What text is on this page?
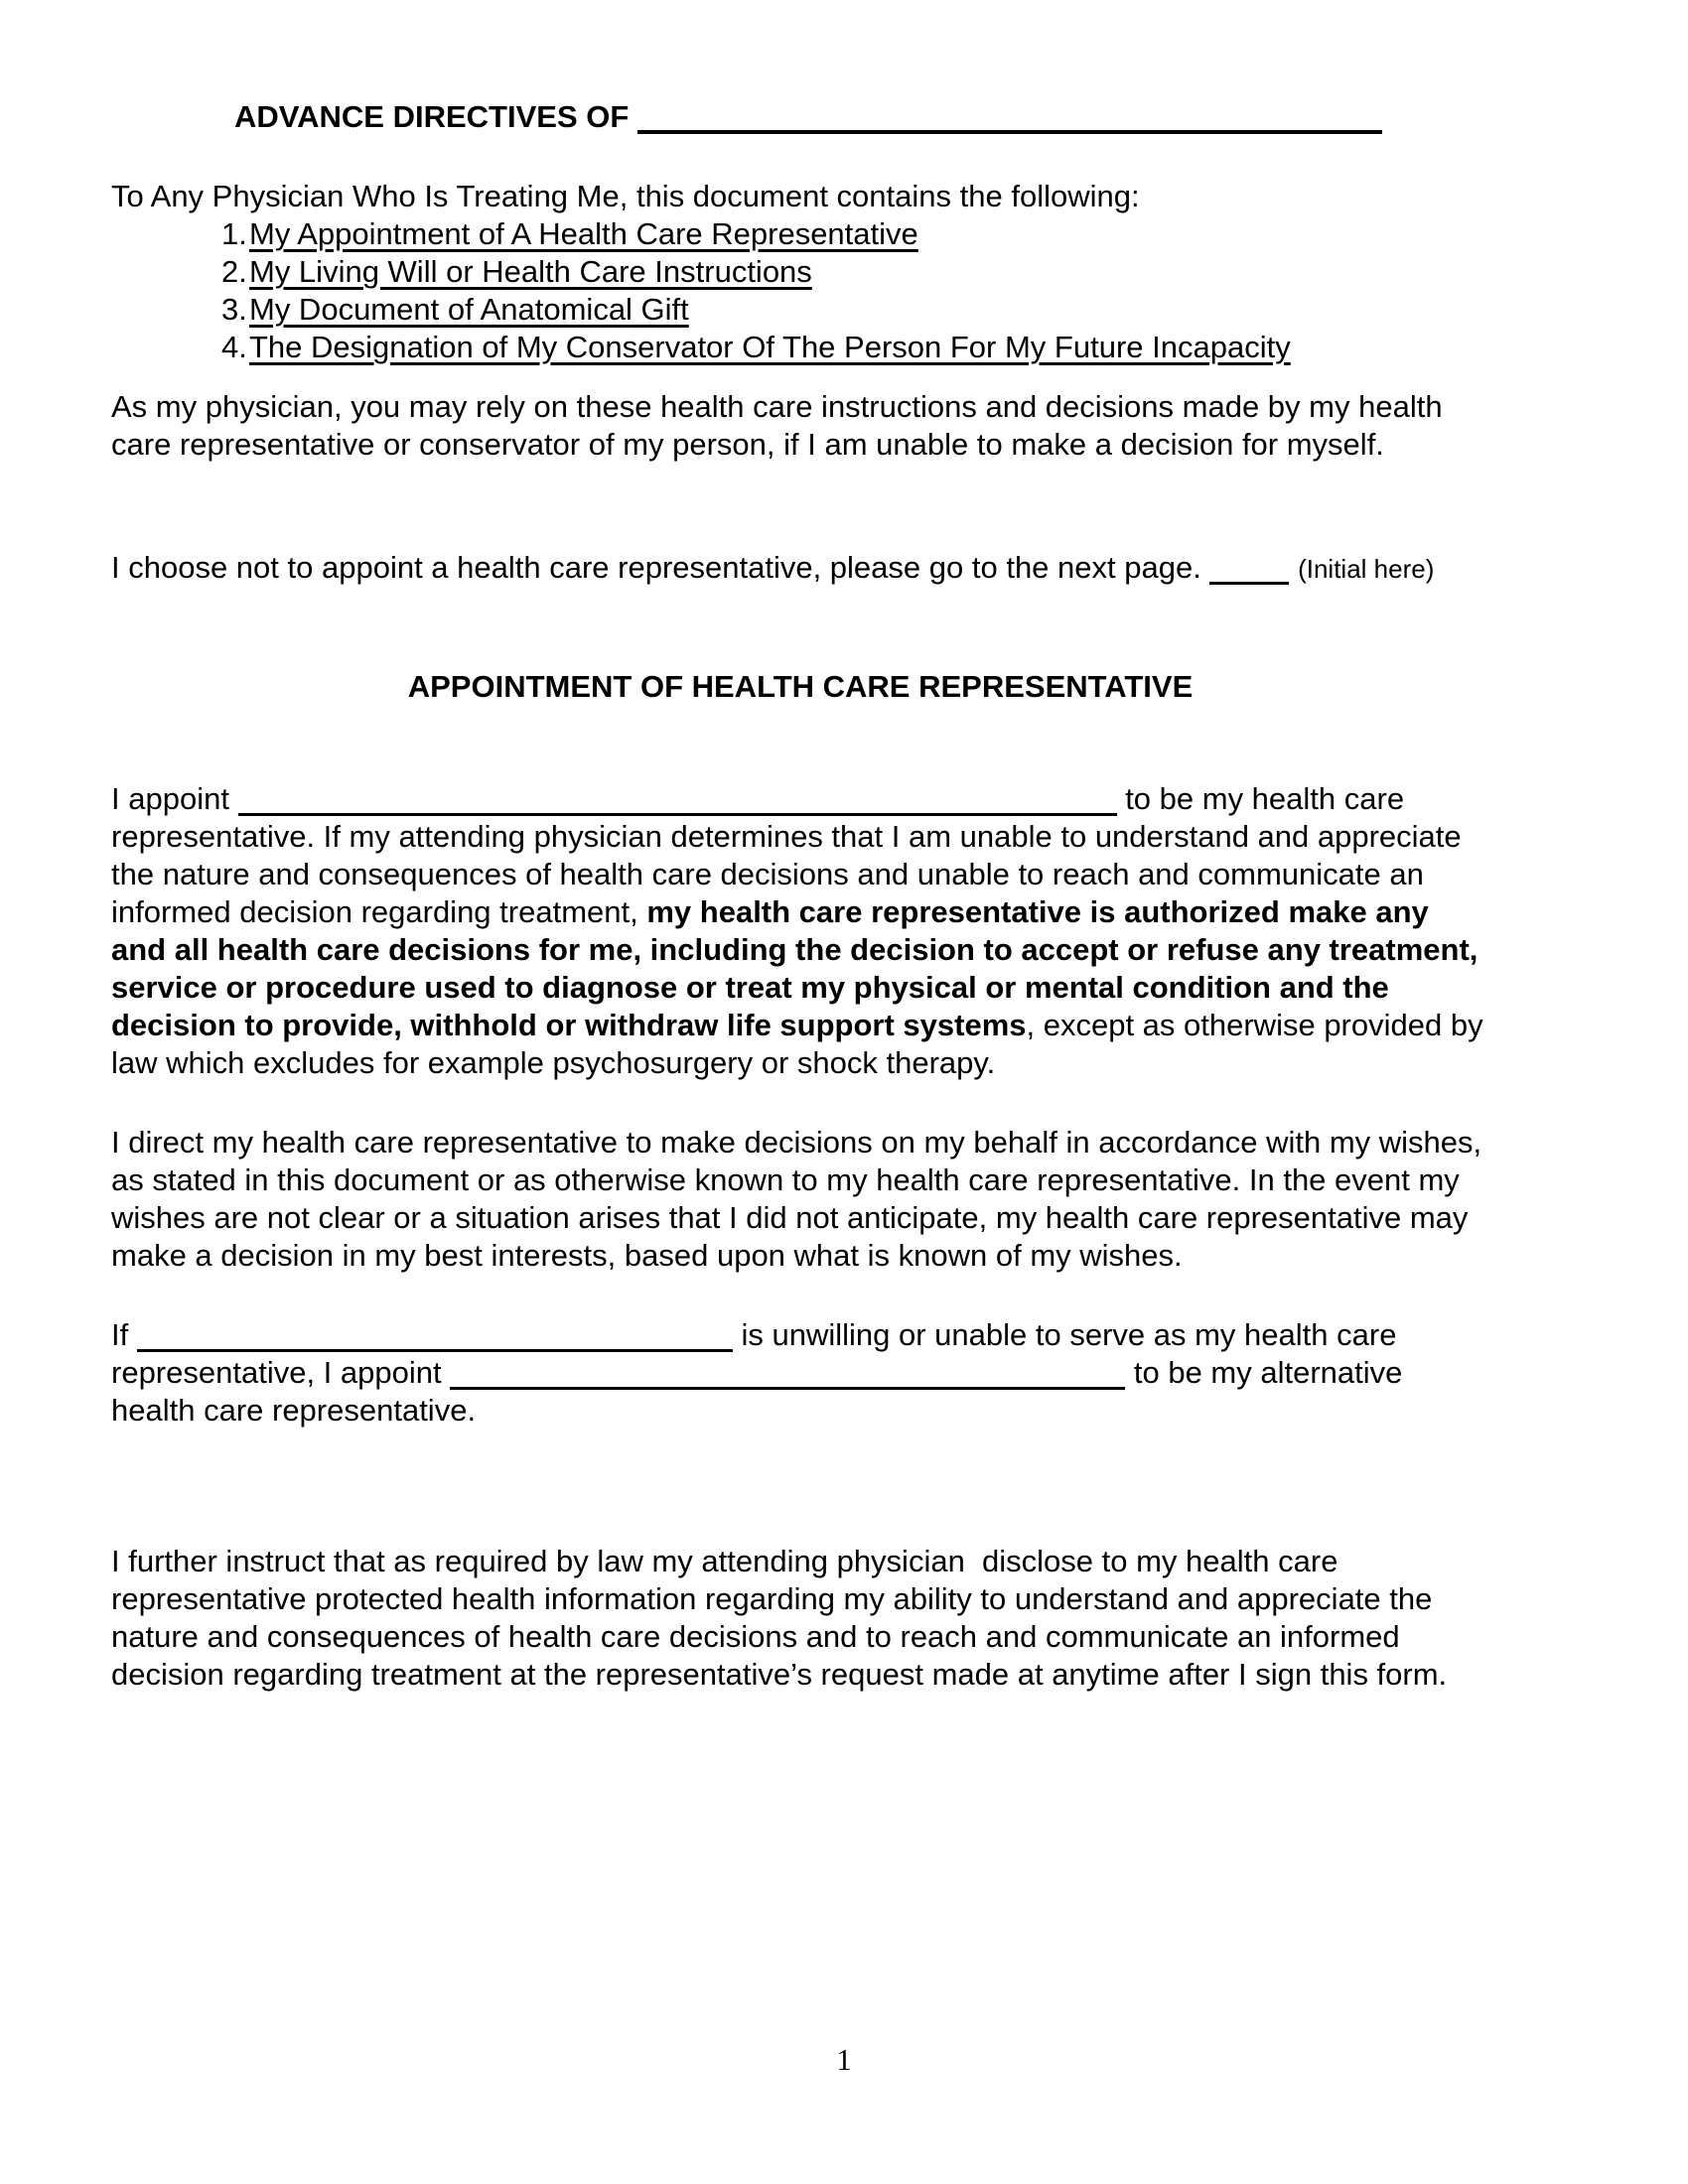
ADVANCE DIRECTIVES OF

To Any Physician Who Is Treating Me, this document contains the following:

1.My Appointment of A Health Care Representative
2.My Living Will or Health Care Instructions
3.My Document of Anatomical Gift
4.The Designation of My Conservator Of The Person For My Future Incapacity

As my physician, you may rely on these health care instructions and decisions made by my health care representative or conservator of my person, if I am unable to make a decision for myself.

I choose not to appoint a health care representative, please go to the next page.	(Initial here)

APPOINTMENT OF HEALTH CARE REPRESENTATIVE

I appoint	to be my health care representative. If my attending physician determines that I am unable to understand and appreciate the nature and consequences of health care decisions and unable to reach and communicate an informed decision regarding treatment, my health care representative is authorized make any and all health care decisions for me, including the decision to accept or refuse any treatment, service or procedure used to diagnose or treat my physical or mental condition and the decision to provide, withhold or withdraw life support systems, except as otherwise provided by law which excludes for example psychosurgery or shock therapy.

I direct my health care representative to make decisions on my behalf in accordance with my wishes, as stated in this document or as otherwise known to my health care representative. In the event my wishes are not clear or a situation arises that I did not anticipate, my health care representative may make a decision in my best interests, based upon what is known of my wishes.

If	is unwilling or unable to serve as my health care representative, I appoint	to be my alternative health care representative.

I further instruct that as required by law my attending physician  disclose to my health care representative protected health information regarding my ability to understand and appreciate the nature and consequences of health care decisions and to reach and communicate an informed decision regarding treatment at the representative’s request made at anytime after I sign this form.

1
